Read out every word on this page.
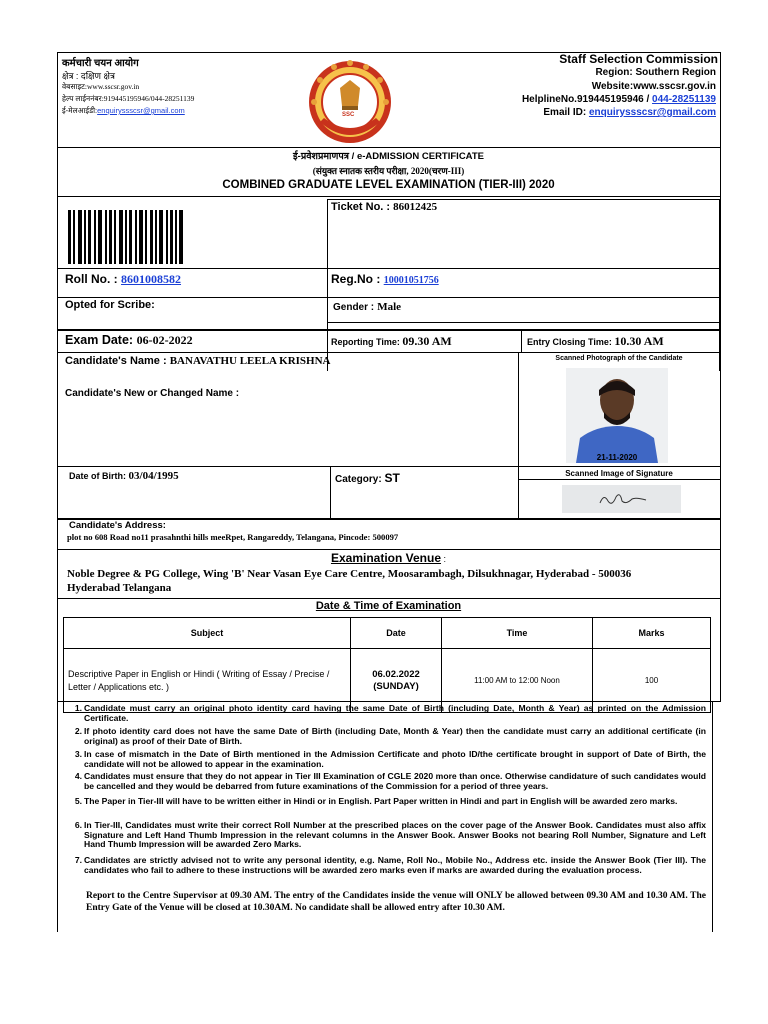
कर्मचारी चयन आयोग
क्षेत्र : दक्षिण क्षेत्र
वेबसाइट:www.sscsr.gov.in
हेल्प लाईननंबर:919445195946/044-28251139
ई-मेलआईडी:enquiryssscsr@gmail.com	SSC
Staff Selection Commission
Region: Southern Region
Website:www.sscsr.gov.in
HelplineNo.919445195946 / 044-28251139
Email ID: enquiryssscsr@gmail.com
ई-प्रवेशप्रमाणपत्र / e-ADMISSION CERTIFICATE
(संयुक्त स्नातक स्तरीय परीक्षा, 2020(चरण-III)
COMBINED GRADUATE LEVEL EXAMINATION (TIER-III) 2020
Ticket No. : 86012425
Roll No. : 8601008582	Reg.No : 10001051756
Opted for Scribe:	Gender : Male
Exam Date: 06-02-2022	Reporting Time: 09.30 AM	Entry Closing Time: 10.30 AM
Candidate's Name : BANAVATHU LEELA KRISHNA
Candidate's New or Changed Name :
Scanned Photograph of the Candidate
21-11-2020
Date of Birth: 03/04/1995	Category: ST	Scanned Image of Signature
Candidate's Address:
plot no 608 Road no11 prasahnthi hills meeRpet, Rangareddy, Telangana, Pincode: 500097
Examination Venue :
Noble Degree & PG College, Wing 'B' Near Vasan Eye Care Centre, Moosarambagh, Dilsukhnagar, Hyderabad - 500036
Hyderabad Telangana
Date & Time of Examination
Subject	Date	Time	Marks
Descriptive Paper in English or Hindi ( Writing of Essay / Precise / Letter / Applications etc. )	06.02.2022
(SUNDAY)	11:00 AM to 12:00 Noon	100
1. Candidate must carry an original photo identity card having the same Date of Birth (including Date, Month & Year) as printed on the Admission Certificate.
2. If photo identity card does not have the same Date of Birth (including Date, Month & Year) then the candidate must carry an additional certificate (in original) as proof of their Date of Birth.
3. In case of mismatch in the Date of Birth mentioned in the Admission Certificate and photo ID/the certificate brought in support of Date of Birth, the candidate will not be allowed to appear in the examination.
4. Candidates must ensure that they do not appear in Tier III Examination of CGLE 2020 more than once. Otherwise candidature of such candidates would be cancelled and they would be debarred from future examinations of the Commission for a period of three years.
5. The Paper in Tier-III will have to be written either in Hindi or in English. Part Paper written in Hindi and part in English will be awarded zero marks.
6. In Tier-III, Candidates must write their correct Roll Number at the prescribed places on the cover page of the Answer Book. Candidates must also affix Signature and Left Hand Thumb Impression in the relevant columns in the Answer Book. Answer Books not bearing Roll Number, Signature and Left Hand Thumb Impression will be awarded Zero Marks.
7. Candidates are strictly advised not to write any personal identity, e.g. Name, Roll No., Mobile No., Address etc. inside the Answer Book (Tier III). The candidates who fail to adhere to these instructions will be awarded zero marks even if marks are awarded during the evaluation process.
Report to the Centre Supervisor at 09.30 AM. The entry of the Candidates inside the venue will ONLY be allowed between 09.30 AM and 10.30 AM. The Entry Gate of the Venue will be closed at 10.30AM. No candidate shall be allowed entry after 10.30 AM.
